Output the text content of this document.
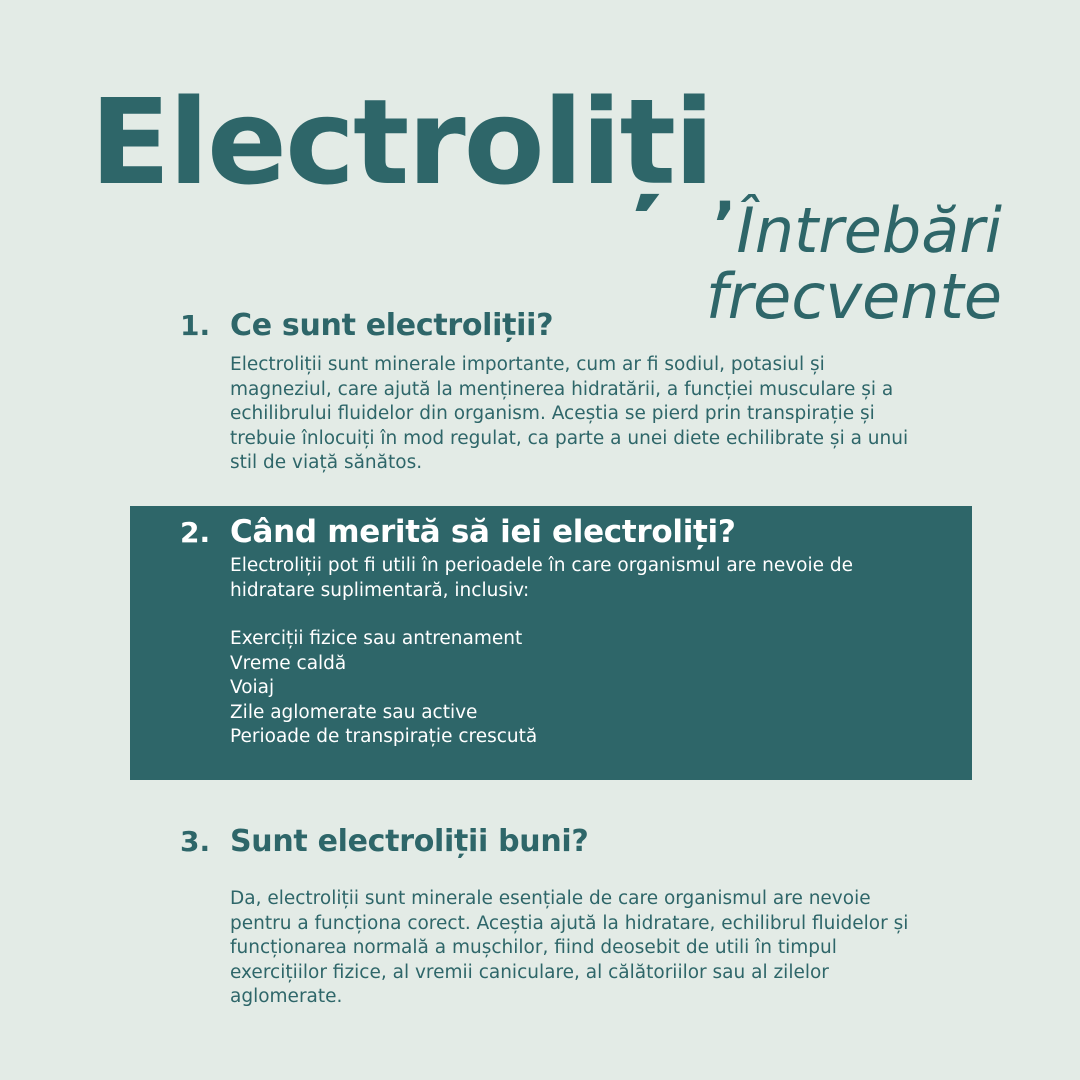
Electroliți
’Întrebări
frecvente
1. Ce sunt electroliții?

Electroliții sunt minerale importante, cum ar fi sodiul, potasiul și magneziul, care ajută la menținerea hidratării, a funcției musculare și a echilibrului fluidelor din organism. Aceștia se pierd prin transpirație și trebuie înlocuiți în mod regulat, ca parte a unei diete echilibrate și a unui stil de viață sănătos.

2. Când merită să iei electroliți?

Electroliții pot fi utili în perioadele în care organismul are nevoie de hidratare suplimentară, inclusiv:

Exerciții fizice sau antrenament
Vreme caldă
Voiaj
Zile aglomerate sau active
Perioade de transpirație crescută
3. Sunt electroliții buni?

Da, electroliții sunt minerale esențiale de care organismul are nevoie pentru a funcționa corect. Aceștia ajută la hidratare, echilibrul fluidelor și funcționarea normală a mușchilor, fiind deosebit de utili în timpul exercițiilor fizice, al vremii caniculare, al călătoriilor sau al zilelor aglomerate.
